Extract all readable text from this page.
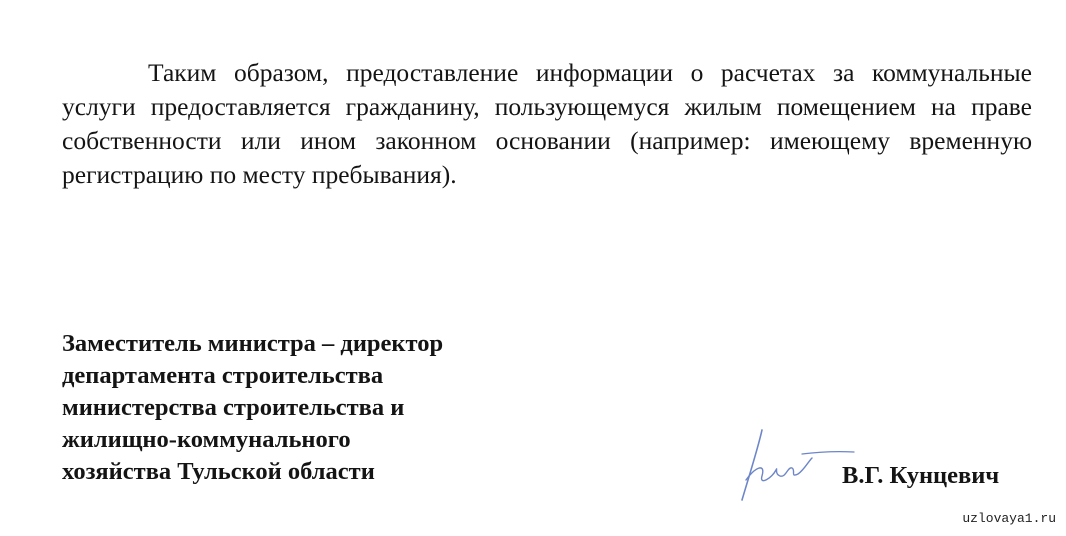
Таким образом, предоставление информации о расчетах за коммунальные услуги предоставляется гражданину, пользующемуся жилым помещением на праве собственности или ином законном основании (например: имеющему временную регистрацию по месту пребывания).

Заместитель министра – директор
департамента строительства
министерства строительства и
жилищно-коммунального
хозяйства Тульской области	В.Г. Кунцевич
uzlovaya1.ru
